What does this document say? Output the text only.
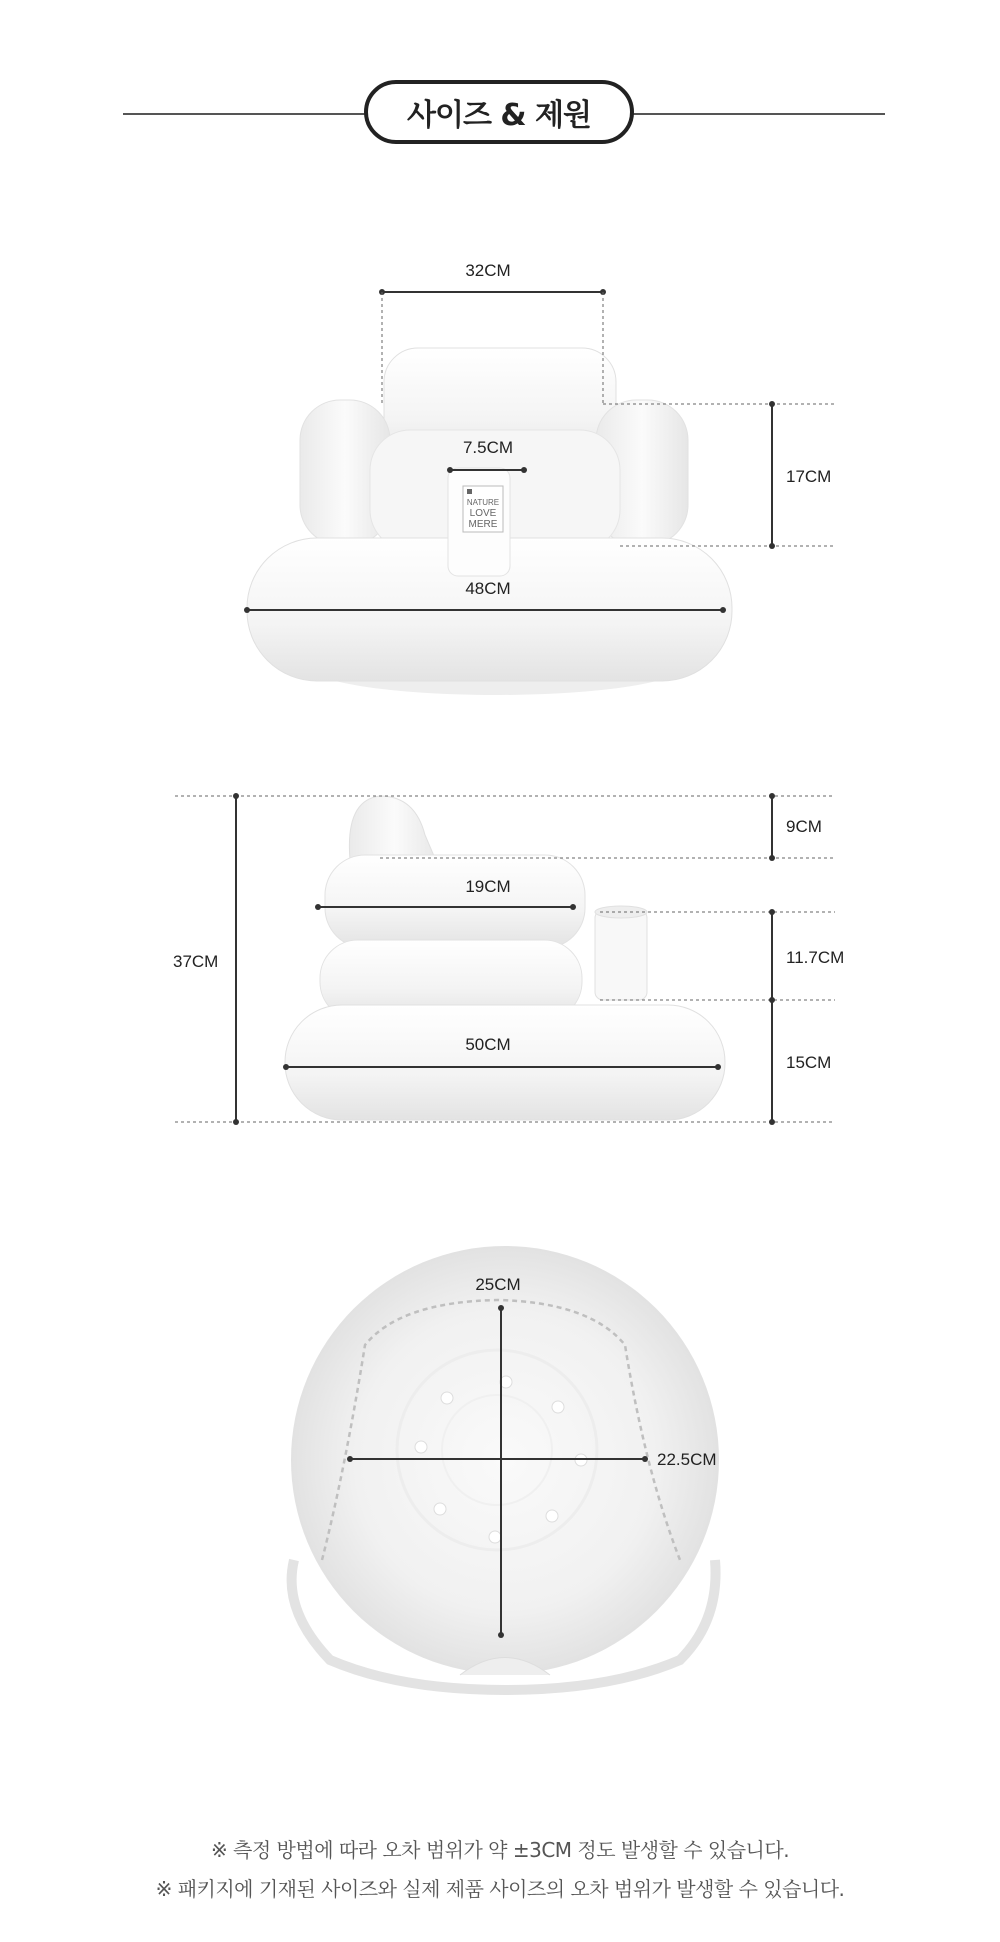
사이즈 & 제원
NATURE
LOVE
MERE
32CM
7.5CM
48CM
17CM
37CM
9CM
19CM
11.7CM
50CM
15CM
25CM
22.5CM
※ 측정 방법에 따라 오차 범위가 약 ±3CM 정도 발생할 수 있습니다.
※ 패키지에 기재된 사이즈와 실제 제품 사이즈의 오차 범위가 발생할 수 있습니다.
